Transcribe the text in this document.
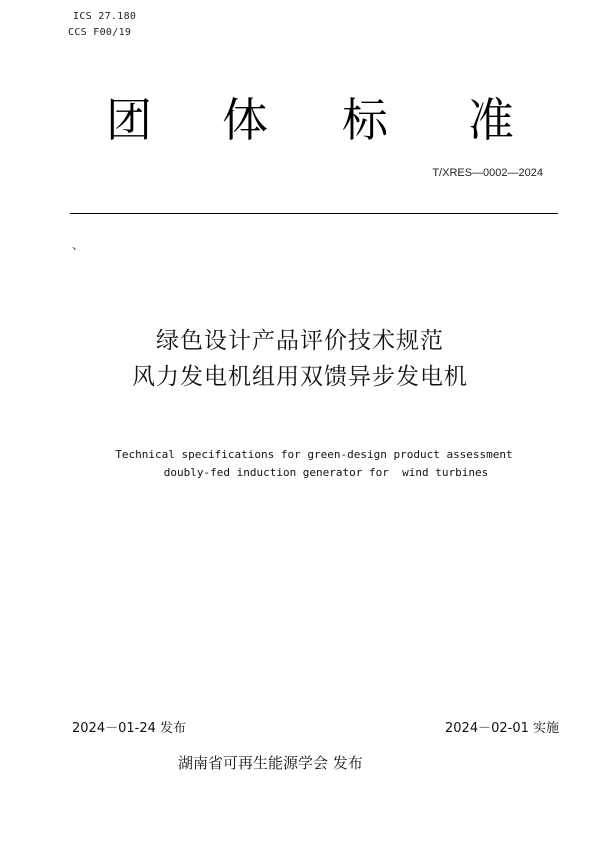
ICS 27.180
CCS F00/19
团 体 标 准
T/XRES—0002—2024
、
绿色设计产品评价技术规范
风力发电机组用双馈异步发电机
Technical specifications for green-design product assessment
doubly-fed induction generator for  wind turbines
2024－01-24 发布	2024－02-01 实施
湖南省可再生能源学会 发布
